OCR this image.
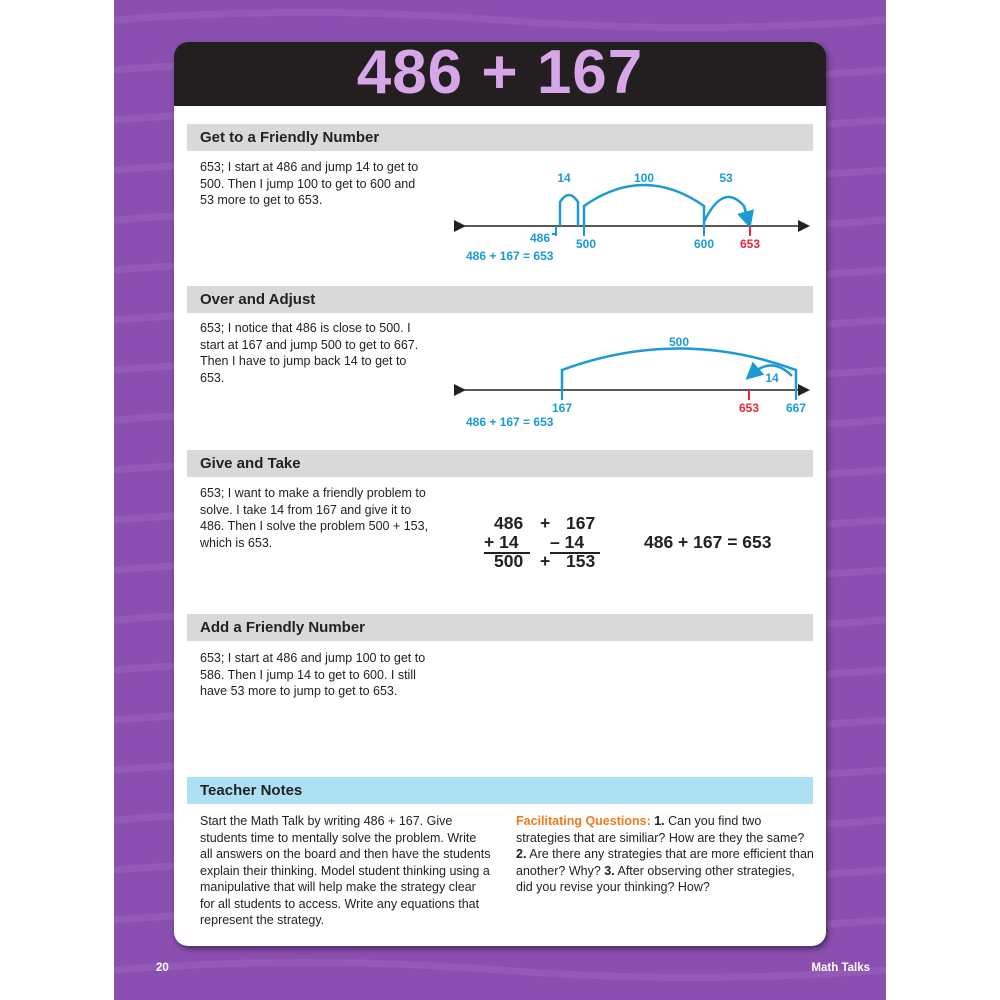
486 + 167
Get to a Friendly Number
653; I start at 486 and jump 14 to get to 500. Then I jump 100 to get to 600 and 53 more to get to 653.
14	100	53
486 500	600 653
486 + 167 = 653
Over and Adjust
653; I notice that 486 is close to 500. I start at 167 and jump 500 to get to 667. Then I have to jump back 14 to get to 653.
500
14
167	653 667
486 + 167 = 653
Give and Take
653; I want to make a friendly problem to solve. I take 14 from 167 and give it to 486. Then I solve the problem 500 + 153, which is 653.
486 + 167
+ 14	– 14
500 + 153
486 + 167 = 653
Add a Friendly Number
653; I start at 486 and jump 100 to get to 586. Then I jump 14 to get to 600. I still have 53 more to jump to get to 653.
Teacher Notes
Start the Math Talk by writing 486 + 167. Give students time to mentally solve the problem. Write all answers on the board and then have the students explain their thinking. Model student thinking using a manipulative that will help make the strategy clear for all students to access. Write any equations that represent the strategy.
Facilitating Questions: 1. Can you find two strategies that are similiar? How are they the same? 2. Are there any strategies that are more efficient than another? Why? 3. After observing other strategies, did you revise your thinking? How?
20	Math Talks
